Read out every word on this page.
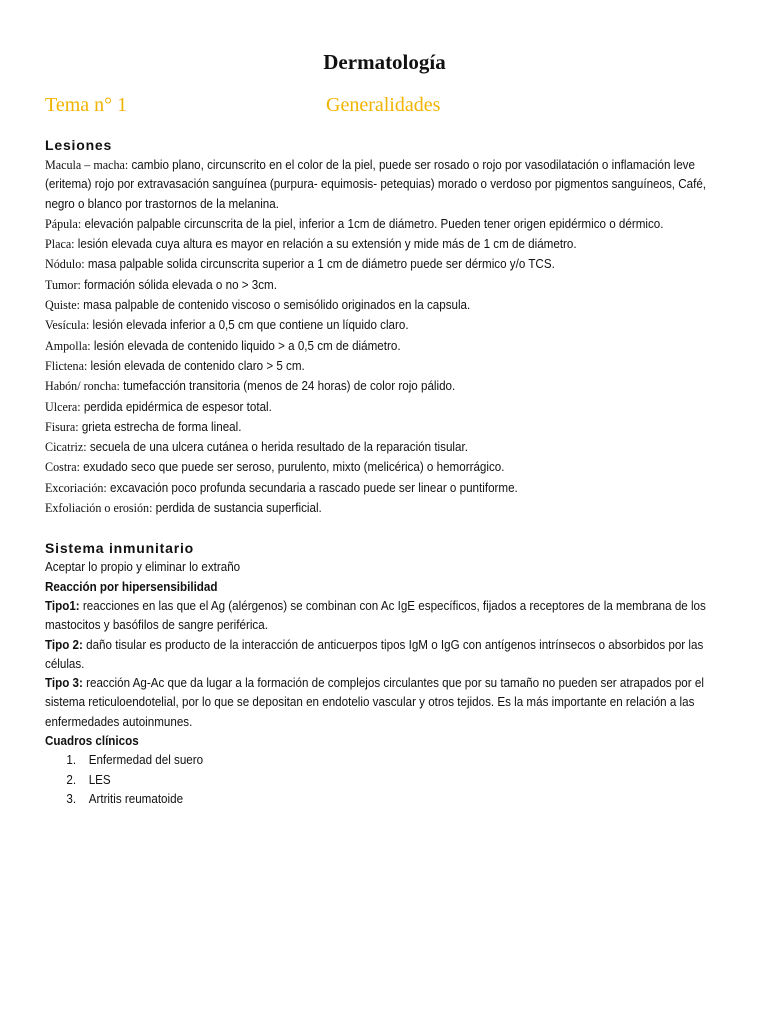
Dermatología
Tema n° 1	Generalidades
Lesiones

Macula – macha: cambio plano, circunscrito en el color de la piel, puede ser rosado o rojo por vasodilatación o inflamación leve (eritema) rojo por extravasación sanguínea (purpura- equimosis- petequias) morado o verdoso por pigmentos sanguíneos, Café, negro o blanco por trastornos de la melanina.

Pápula: elevación palpable circunscrita de la piel, inferior a 1cm de diámetro. Pueden tener origen epidérmico o dérmico.

Placa: lesión elevada cuya altura es mayor en relación a su extensión y mide más de 1 cm de diámetro.

Nódulo: masa palpable solida circunscrita superior a 1 cm de diámetro puede ser dérmico y/o TCS.

Tumor: formación sólida elevada o no > 3cm.

Quiste: masa palpable de contenido viscoso o semisólido originados en la capsula.

Vesícula: lesión elevada inferior a 0,5 cm que contiene un líquido claro.

Ampolla: lesión elevada de contenido liquido > a 0,5 cm de diámetro.

Flictena: lesión elevada de contenido claro > 5 cm.

Habón/ roncha: tumefacción transitoria (menos de 24 horas) de color rojo pálido.

Ulcera: perdida epidérmica de espesor total.

Fisura: grieta estrecha de forma lineal.

Cicatriz: secuela de una ulcera cutánea o herida resultado de la reparación tisular.

Costra: exudado seco que puede ser seroso, purulento, mixto (melicérica) o hemorrágico.

Excoriación: excavación poco profunda secundaria a rascado puede ser linear o puntiforme.

Exfoliación o erosión: perdida de sustancia superficial.

Sistema inmunitario

Aceptar lo propio y eliminar lo extraño

Reacción por hipersensibilidad

Tipo1: reacciones en las que el Ag (alérgenos) se combinan con Ac IgE específicos, fijados a receptores de la membrana de los mastocitos y basófilos de sangre periférica.

Tipo 2: daño tisular es producto de la interacción de anticuerpos tipos IgM o IgG con antígenos intrínsecos o absorbidos por las células.

Tipo 3: reacción Ag-Ac que da lugar a la formación de complejos circulantes que por su tamaño no pueden ser atrapados por el sistema reticuloendotelial, por lo que se depositan en endotelio vascular y otros tejidos. Es la más importante en relación a las enfermedades autoinmunes.

Cuadros clínicos

1. Enfermedad del suero
2. LES
3. Artritis reumatoide
